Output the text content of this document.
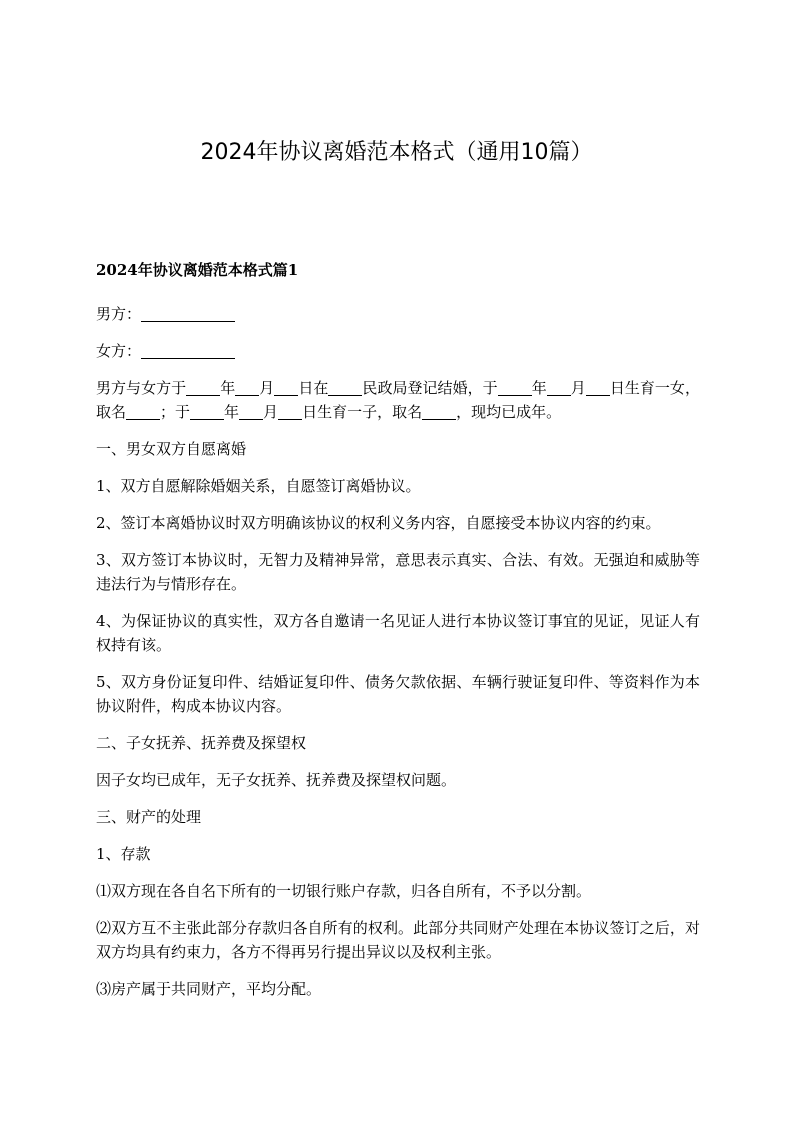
2024年协议离婚范本格式（通用10篇）
2024年协议离婚范本格式篇1

男方：

女方：

男方与女方于 年 月 日在 民政局登记结婚，于 年 月 日生育一女，取名 ；于 年 月 日生育一子，取名 ，现均已成年。

一、男女双方自愿离婚

1、双方自愿解除婚姻关系，自愿签订离婚协议。

2、签订本离婚协议时双方明确该协议的权利义务内容，自愿接受本协议内容的约束。

3、双方签订本协议时，无智力及精神异常，意思表示真实、合法、有效。无强迫和威胁等违法行为与情形存在。

4、为保证协议的真实性，双方各自邀请一名见证人进行本协议签订事宜的见证，见证人有权持有该。

5、双方身份证复印件、结婚证复印件、债务欠款依据、车辆行驶证复印件、等资料作为本协议附件，构成本协议内容。

二、子女抚养、抚养费及探望权

因子女均已成年，无子女抚养、抚养费及探望权问题。

三、财产的处理

1、存款

⑴双方现在各自名下所有的一切银行账户存款，归各自所有，不予以分割。

⑵双方互不主张此部分存款归各自所有的权利。此部分共同财产处理在本协议签订之后，对双方均具有约束力，各方不得再另行提出异议以及权利主张。

⑶房产属于共同财产，平均分配。
